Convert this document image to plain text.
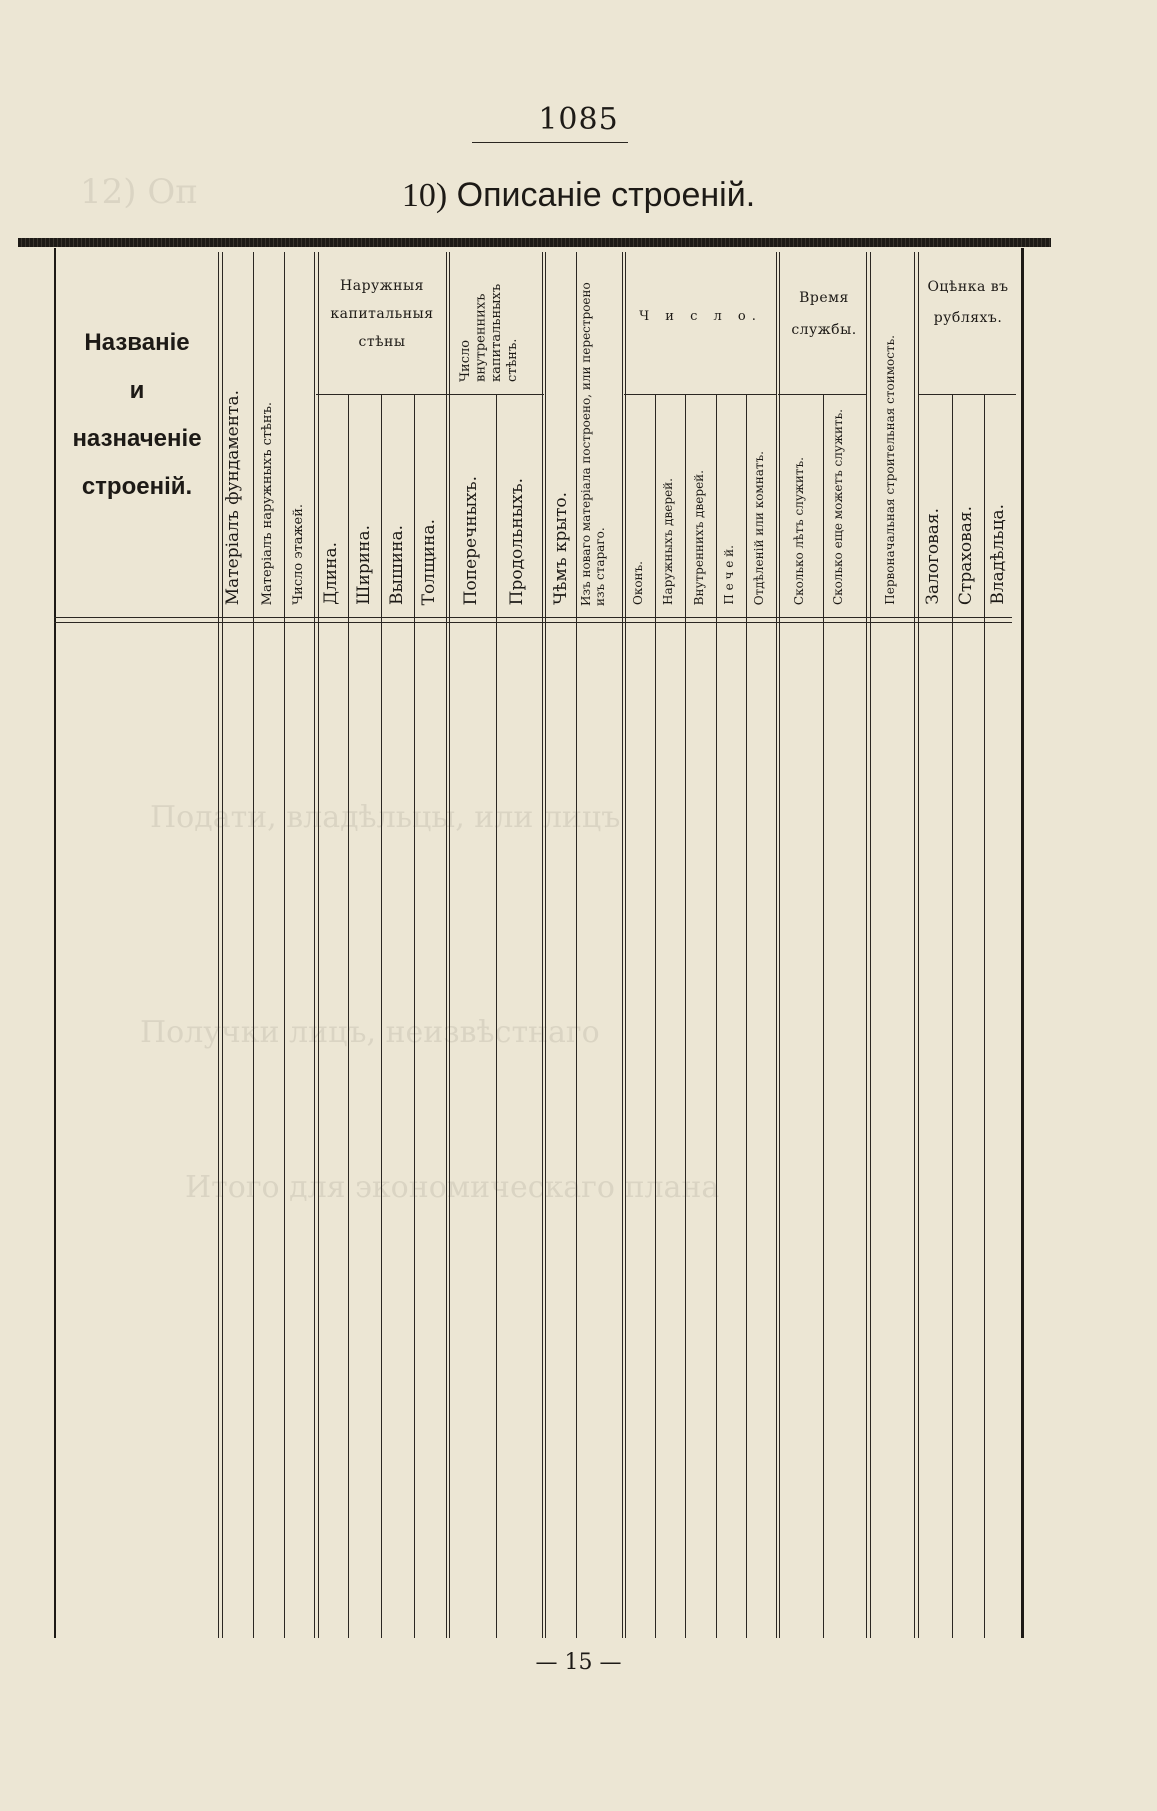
12) Оп
Подати, владѣльцы, или лицъ
Получки лицъ, неизвѣстнаго
Итого для экономическаго плана
1085
10) Описаніе строеній.
Названіе
и
назначеніе
строеній.	Матеріалъ фундамента. Матеріалъ наружныхъ стѣнъ. Число этажей.
Наружныя капитальныя стѣны
Длина. Ширина. Вышина. Толщина.
Число внутреннихъ капитальныхъ стѣнъ.
Поперечныхъ. Продольныхъ. Чѣмъ крыто. Изъ новаго матеріала построено, или перестроено изъ стараго.
Ч и с л о.
Оконъ. Наружныхъ дверей. Внутреннихъ дверей. П е ч е й. Отдѣленій или комнатъ.
Время службы.
Сколько лѣтъ служитъ. Сколько еще можетъ служить.	Первоначальная строительная стоимость.
Оцѣнка въ рубляхъ.
Залоговая. Страховая. Владѣльца.
— 15 —
